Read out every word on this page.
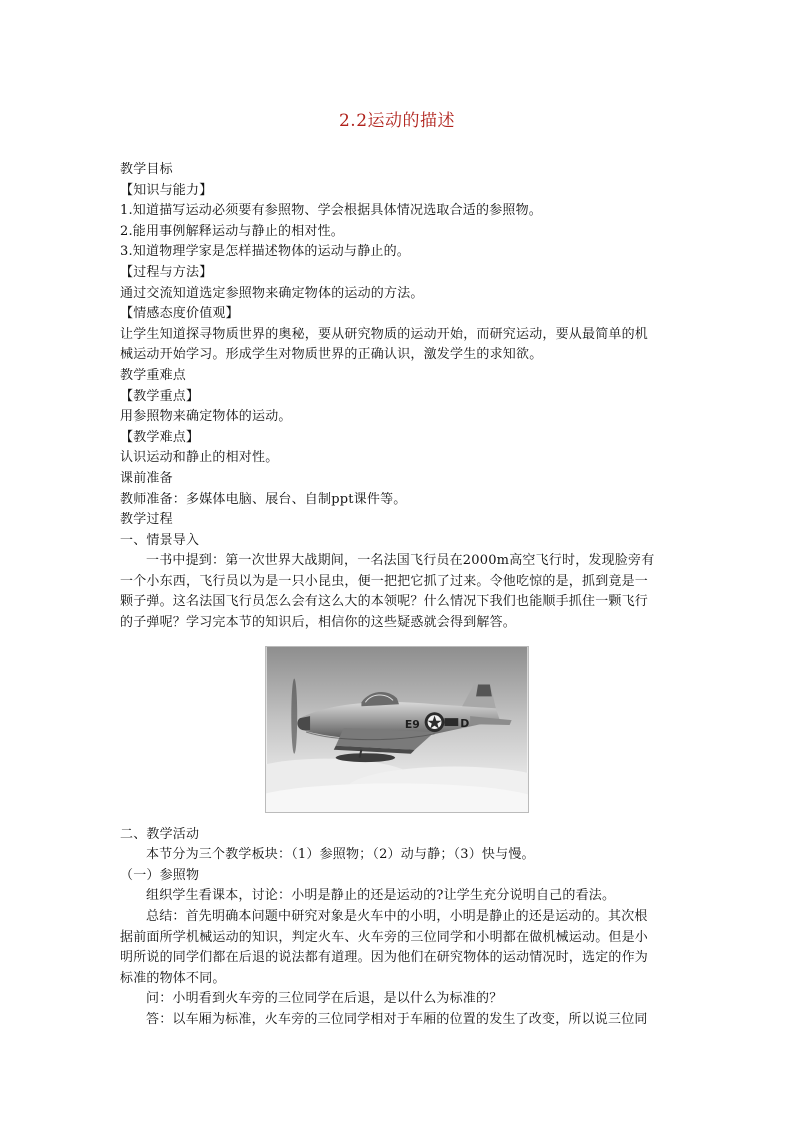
2.2运动的描述
教学目标
【知识与能力】
1.知道描写运动必须要有参照物、学会根据具体情况选取合适的参照物。
2.能用事例解释运动与静止的相对性。
3.知道物理学家是怎样描述物体的运动与静止的。
【过程与方法】
通过交流知道选定参照物来确定物体的运动的方法。
【情感态度价值观】
让学生知道探寻物质世界的奥秘，要从研究物质的运动开始，而研究运动，要从最简单的机
械运动开始学习。形成学生对物质世界的正确认识，激发学生的求知欲。
教学重难点
【教学重点】
用参照物来确定物体的运动。
【教学难点】
认识运动和静止的相对性。
课前准备
教师准备：多媒体电脑、展台、自制ppt课件等。
教学过程
一、情景导入
一书中提到：第一次世界大战期间，一名法国飞行员在2000m高空飞行时，发现脸旁有
一个小东西，飞行员以为是一只小昆虫，便一把把它抓了过来。令他吃惊的是，抓到竟是一
颗子弹。这名法国飞行员怎么会有这么大的本领呢？什么情况下我们也能顺手抓住一颗飞行
的子弹呢？学习完本节的知识后，相信你的这些疑惑就会得到解答。
E9	D
二、教学活动
本节分为三个教学板块：（1）参照物；（2）动与静；（3）快与慢。
（一）参照物
组织学生看课本，讨论：小明是静止的还是运动的?让学生充分说明自己的看法。
总结：首先明确本问题中研究对象是火车中的小明，小明是静止的还是运动的。其次根
据前面所学机械运动的知识，判定火车、火车旁的三位同学和小明都在做机械运动。但是小
明所说的同学们都在后退的说法都有道理。因为他们在研究物体的运动情况时，选定的作为
标准的物体不同。
问：小明看到火车旁的三位同学在后退，是以什么为标准的？
答：以车厢为标准，火车旁的三位同学相对于车厢的位置的发生了改变，所以说三位同
